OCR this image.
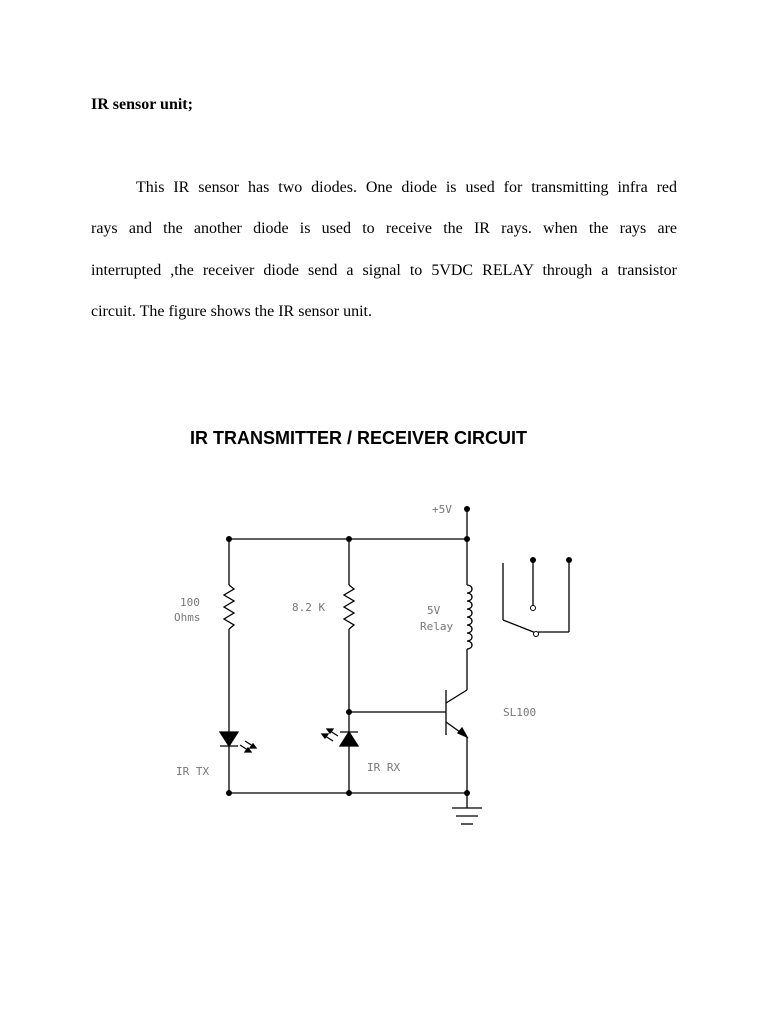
IR sensor unit;
This IR sensor has two diodes. One diode is used for transmitting infra red
rays and the another diode is used to receive the IR rays. when the rays are
interrupted ,the receiver diode send a signal to 5VDC RELAY through a transistor
circuit. The figure shows the IR sensor unit.
IR TRANSMITTER / RECEIVER CIRCUIT
+5V
100
Ohms
8.2 K	5V
Relay
SL100
IR TX	IR RX
